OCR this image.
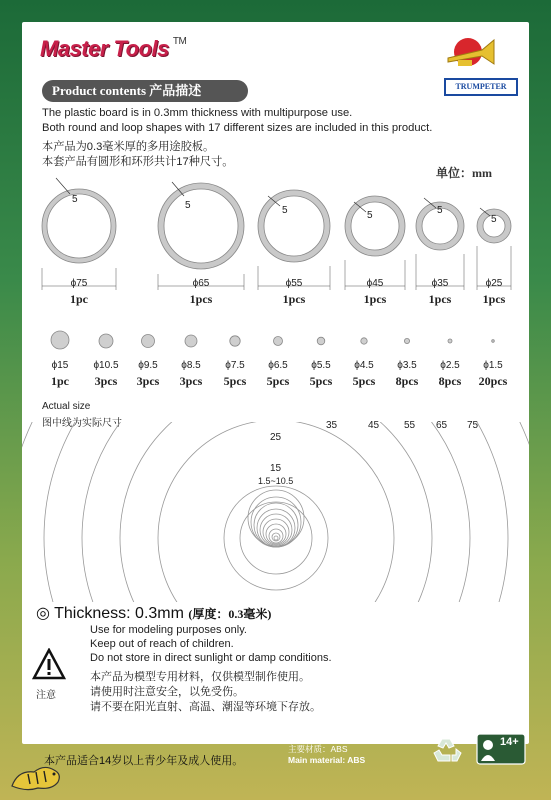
Master Tools ™
TRUMPETER
Product contents 产品描述
The plastic board is in 0.3mm thickness with multipurpose use.
Both round and loop shapes with 17 different sizes are included in this product.
本产品为0.3毫米厚的多用途胶板。
本套产品有圆形和环形共计17种尺寸。
单位：mm
5
5	5	5	5
5
ϕ75	ϕ65	ϕ55	ϕ45	ϕ35	ϕ25
1pc	1pcs	1pcs	1pcs	1pcs	1pcs
ϕ15	ϕ10.5 ϕ9.5 ϕ8.5 ϕ7.5 ϕ6.5 ϕ5.5 ϕ4.5 ϕ3.5 ϕ2.5 ϕ1.5
1pc 3pcs 3pcs 3pcs 5pcs 5pcs 5pcs 5pcs 8pcs 8pcs 20pcs
Actual size
图中线为实际尺寸	35	45 55 65 75
25
15
1.5~10.5
◎ Thickness: 0.3mm (厚度：0.3毫米)
注意
Use for modeling purposes only.
Keep out of reach of children.
Do not store in direct sunlight or damp conditions.
本产品为模型专用材料，仅供模型制作使用。
请使用时注意安全，以免受伤。
请不要在阳光直射、高温、潮湿等环境下存放。
This product is suitable for ages over 14 only.
本产品适合14岁以上青少年及成人使用。
执行标准：QB/T 2862-2007
主要材质：ABS
Main material: ABS
14+
